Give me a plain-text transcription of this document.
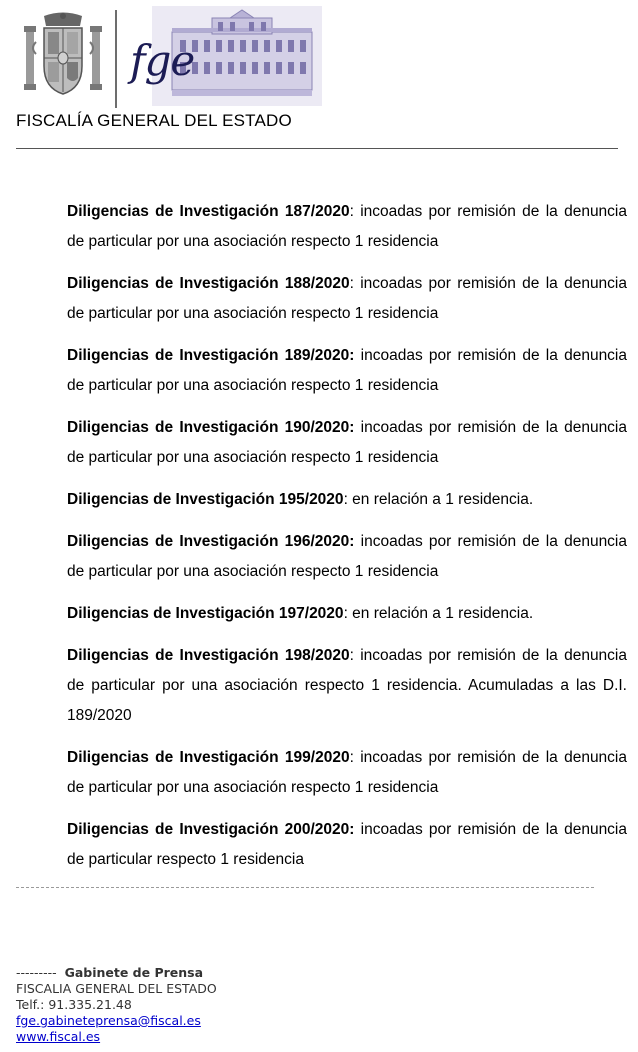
fge
FISCALÍA GENERAL DEL ESTADO

Diligencias de Investigación 187/2020: incoadas por remisión de la denuncia de particular por una asociación respecto 1 residencia

Diligencias de Investigación 188/2020: incoadas por remisión de la denuncia de particular por una asociación respecto 1 residencia

Diligencias de Investigación 189/2020: incoadas por remisión de la denuncia de particular por una asociación respecto 1 residencia

Diligencias de Investigación 190/2020: incoadas por remisión de la denuncia de particular por una asociación respecto 1 residencia

Diligencias de Investigación 195/2020: en relación a 1 residencia.

Diligencias de Investigación 196/2020: incoadas por remisión de la denuncia de particular por una asociación respecto 1 residencia

Diligencias de Investigación 197/2020: en relación a 1 residencia.

Diligencias de Investigación 198/2020: incoadas por remisión de la denuncia de particular por una asociación respecto 1 residencia. Acumuladas a las D.I. 189/2020

Diligencias de Investigación 199/2020: incoadas por remisión de la denuncia de particular por una asociación respecto 1 residencia

Diligencias de Investigación 200/2020: incoadas por remisión de la denuncia de particular respecto 1 residencia

--------- Gabinete de Prensa
FISCALIA GENERAL DEL ESTADO
Telf.: 91.335.21.48
fge.gabineteprensa@fiscal.es
www.fiscal.es
